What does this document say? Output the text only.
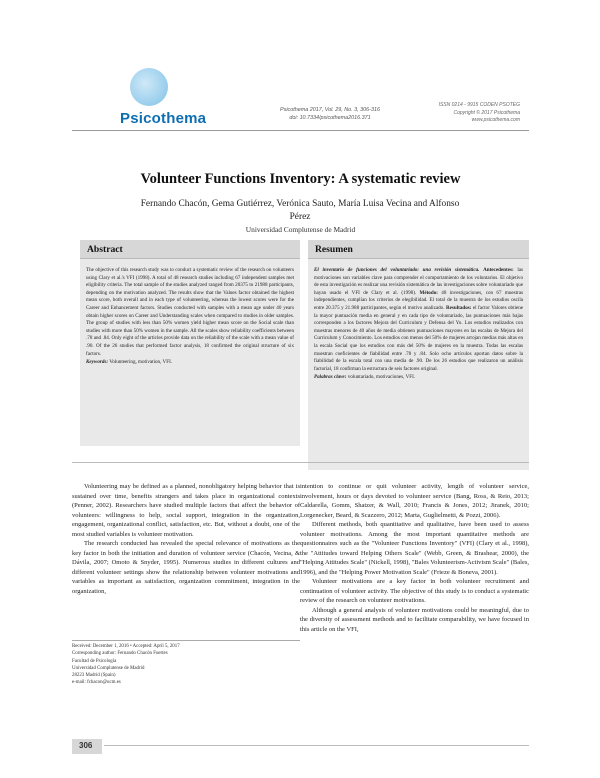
Psicothema	Psicothema 2017, Vol. 29, No. 3, 306-316
doi: 10.7334/psicothema2016.371
ISSN 0214 - 9915 CODEN PSOTEG
Copyright © 2017 Psicothema
www.psicothema.com
Volunteer Functions Inventory: A systematic review
Fernando Chacón, Gema Gutiérrez, Verónica Sauto, María Luisa Vecina and Alfonso Pérez
Universidad Complutense de Madrid
Abstract
The objective of this research study was to conduct a systematic review of the research on volunteers using Clary et al.'s VFI (1998). A total of 48 research studies including 67 independent samples met eligibility criteria. The total sample of the studies analyzed ranged from 20375 to 21988 participants, depending on the motivation analyzed. The results show that the Values factor obtained the highest mean score, both overall and in each type of volunteering, whereas the lowest scores were for the Career and Enhancement factors. Studies conducted with samples with a mean age under 40 years obtain higher scores on Career and Understanding scales when compared to studies in older samples. The group of studies with less than 50% women yield higher mean score on the Social scale than studies with more than 50% women in the sample. All the scales show reliability coefficients between .78 and .84. Only eight of the articles provide data on the reliability of the scale with a mean value of .90. Of the 26 studies that performed factor analysis, 18 confirmed the original structure of six factors.
Keywords: Volunteering, motivation, VFI.
Resumen
El inventario de funciones del voluntariado: una revisión sistemática. Antecedentes: las motivaciones son variables clave para comprender el comportamiento de los voluntarios. El objetivo de esta investigación es realizar una revisión sistemática de las investigaciones sobre voluntariado que hayan usado el VFI de Clary et al. (1998). Método: 48 investigaciones, con 67 muestras independientes, cumplían los criterios de elegibilidad. El total de la muestra de los estudios oscila entre 20.375 y 21.988 participantes, según el motivo analizado. Resultados: el factor Valores obtiene la mayor puntuación media en general y en cada tipo de voluntariado, las puntuaciones más bajas corresponden a los factores Mejora del Curriculum y Defensa del Yo. Los estudios realizados con muestras menores de 40 años de media obtienen puntuaciones mayores en las escalas de Mejora del Curriculum y Conocimiento. Los estudios con menos del 50% de mujeres arrojan medias más altas en la escala Social que los estudios con más del 50% de mujeres en la muestra. Todas las escalas muestran coeficientes de fiabilidad entre .78 y .84. Solo ocho artículos aportan datos sobre la fiabilidad de la escala total con una media de .90. De los 26 estudios que realizaron un análisis factorial, 18 confirman la estructura de seis factores original.
Palabras clave: voluntariado, motivaciones, VFI.

Volunteering may be defined as a planned, nonobligatory helping behavior that is sustained over time, benefits strangers and takes place in organizational contexts (Penner, 2002). Researchers have studied multiple factors that affect the behavior of volunteers: willingness to help, social support, integration in the organization, engagement, organizational conflict, satisfaction, etc. But, without a doubt, one of the most studied variables is volunteer motivation.

The research conducted has revealed the special relevance of motivations as the key factor in both the initiation and duration of volunteer service (Chacón, Vecina, & Dávila, 2007; Omoto & Snyder, 1995). Numerous studies in different cultures and different volunteer settings show the relationship between volunteer motivations and variables as important as satisfaction, organization commitment, integration in the organization,

intention to continue or quit volunteer activity, length of volunteer service, involvement, hours or days devoted to volunteer service (Bang, Ross, & Reio, 2013; Caldarella, Gomm, Shatzer, & Wall, 2010; Francis & Jones, 2012; Jiranek, 2010; Lorgenecker, Beard, & Scazzero, 2012; Marta, Guglielmetti, & Pozzi, 2006).

Different methods, both quantitative and qualitative, have been used to assess volunteer motivations. Among the most important quantitative methods are questionnaires such as the "Volunteer Functions Inventory" (VFI) (Clary et al., 1998), the "Attitudes toward Helping Others Scale" (Webb, Green, & Brashear, 2000), the "Helping Attitudes Scale" (Nickell, 1998), "Bales Volunteerism-Activism Scale" (Bales, 1996), and the "Helping Power Motivation Scale" (Frieze & Boneva, 2001).

Volunteer motivations are a key factor in both volunteer recruitment and continuation of volunteer activity. The objective of this study is to conduct a systematic review of the research on volunteer motivations.

Although a general analysis of volunteer motivations could be meaningful, due to the diversity of assessment methods and to facilitate comparability, we have focused in this article on the VFI,

Received: December 1, 2016 • Accepted: April 5, 2017
Corresponding author: Fernando Chacón Fuertes
Facultad de Psicología
Universidad Complutense de Madrid
28223 Madrid (Spain)
e-mail: fchacon@ucm.es
306
